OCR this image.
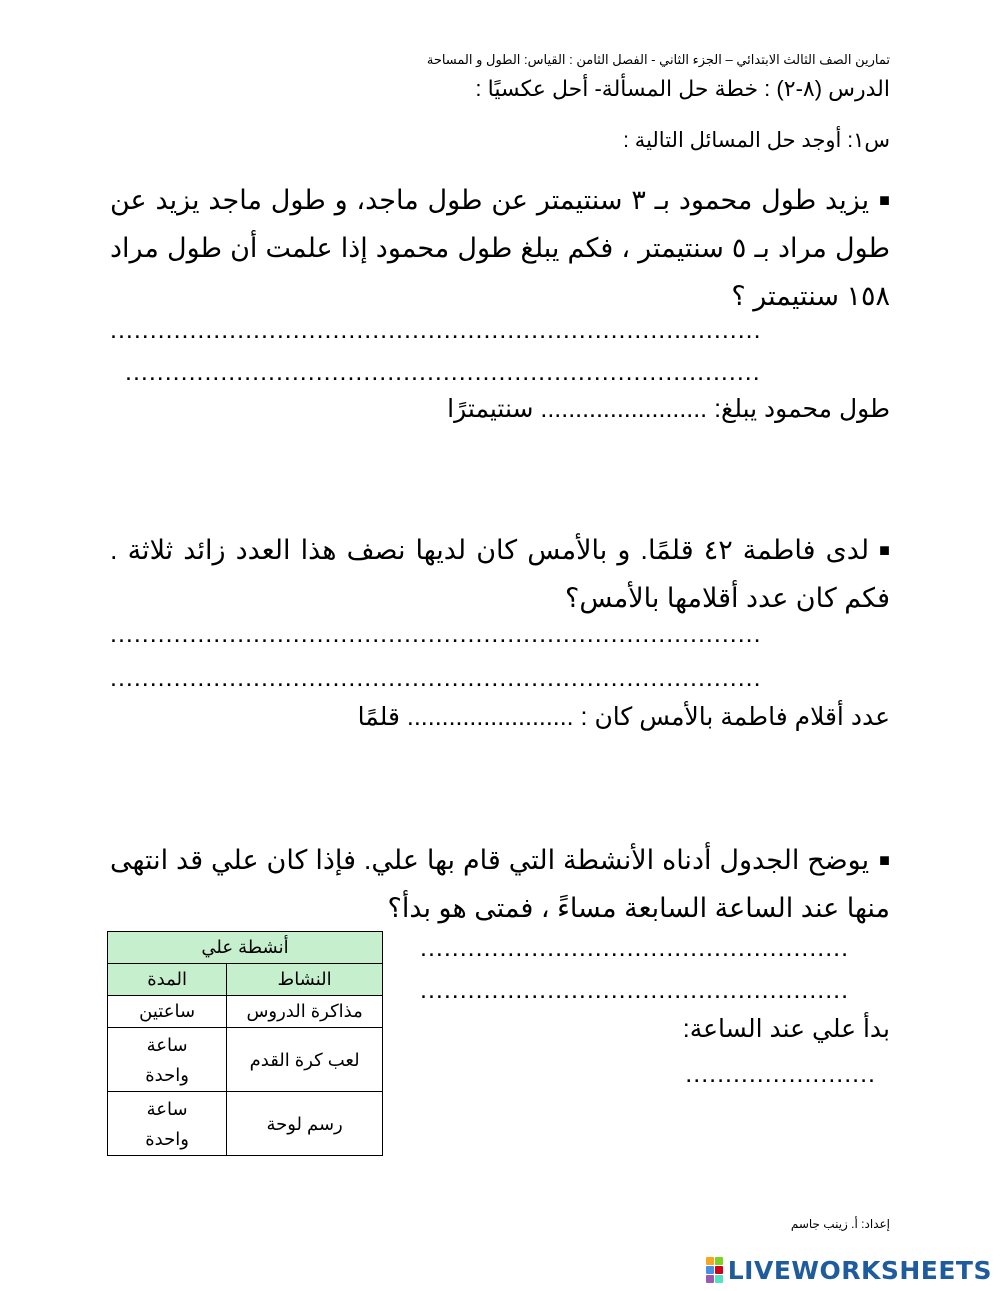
تمارين الصف الثالث الابتدائي – الجزء الثاني - الفصل الثامن : القياس: الطول و المساحة
الدرس (٨-٢) : خطة حل المسألة- أحل عكسيًا :
س١: أوجد حل المسائل التالية :
■يزيد طول محمود بـ ٣ سنتيمتر عن طول ماجد، و طول ماجد يزيد عن طول مراد بـ ٥ سنتيمتر ، فكم يبلغ طول محمود إذا علمت أن طول مراد ١٥٨ سنتيمتر ؟
..................................................................................
................................................................................
طول محمود يبلغ: ........................ سنتيمترًا
■لدى فاطمة ٤٢ قلمًا. و بالأمس كان لديها نصف هذا العدد زائد ثلاثة . فكم كان عدد أقلامها بالأمس؟
..................................................................................
..................................................................................
عدد أقلام فاطمة بالأمس كان : ........................ قلمًا
■يوضح الجدول أدناه الأنشطة التي قام بها علي. فإذا كان علي قد انتهى منها عند الساعة السابعة مساءً ، فمتى هو بدأ؟
......................................................
......................................................
بدأ علي عند الساعة:
........................
أنشطة علي	
النشاط	المدة
مذاكرة الدروس	ساعتين
لعب كرة القدم	ساعة واحدة
رسم لوحة	ساعة واحدة
إعداد: أ. زينب جاسم
LIVEWORKSHEETS
